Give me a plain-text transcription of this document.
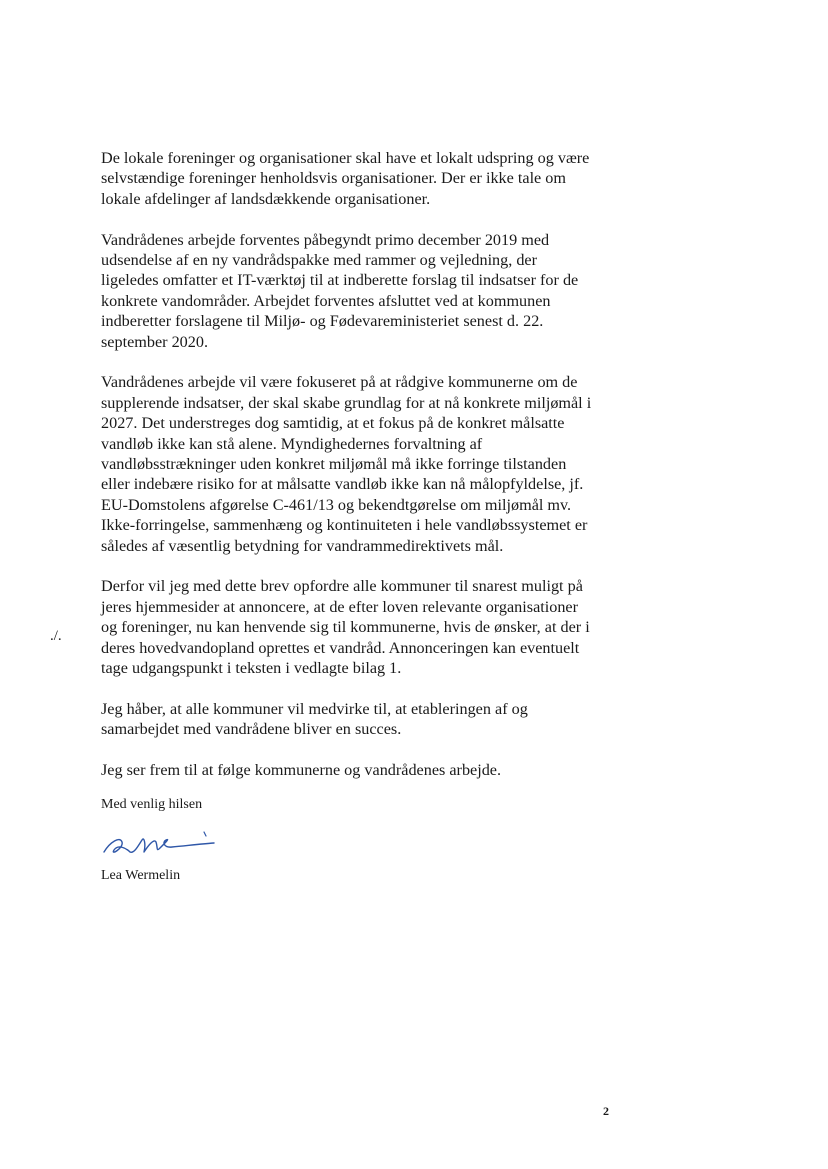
De lokale foreninger og organisationer skal have et lokalt udspring og være
selvstændige foreninger henholdsvis organisationer. Der er ikke tale om
lokale afdelinger af landsdækkende organisationer.

Vandrådenes arbejde forventes påbegyndt primo december 2019 med
udsendelse af en ny vandrådspakke med rammer og vejledning, der
ligeledes omfatter et IT-værktøj til at indberette forslag til indsatser for de
konkrete vandområder. Arbejdet forventes afsluttet ved at kommunen
indberetter forslagene til Miljø- og Fødevareministeriet senest d. 22.
september 2020.

Vandrådenes arbejde vil være fokuseret på at rådgive kommunerne om de
supplerende indsatser, der skal skabe grundlag for at nå konkrete miljømål i
2027. Det understreges dog samtidig, at et fokus på de konkret målsatte
vandløb ikke kan stå alene. Myndighedernes forvaltning af
vandløbsstrækninger uden konkret miljømål må ikke forringe tilstanden
eller indebære risiko for at målsatte vandløb ikke kan nå målopfyldelse, jf.
EU-Domstolens afgørelse C-461/13 og bekendtgørelse om miljømål mv.
Ikke-forringelse, sammenhæng og kontinuiteten i hele vandløbssystemet er
således af væsentlig betydning for vandrammedirektivets mål.

Derfor vil jeg med dette brev opfordre alle kommuner til snarest muligt på
jeres hjemmesider at annoncere, at de efter loven relevante organisationer
og foreninger, nu kan henvende sig til kommunerne, hvis de ønsker, at der i
deres hovedvandopland oprettes et vandråd. Annonceringen kan eventuelt
tage udgangspunkt i teksten i vedlagte bilag 1.

Jeg håber, at alle kommuner vil medvirke til, at etableringen af og
samarbejdet med vandrådene bliver en succes.

Jeg ser frem til at følge kommunerne og vandrådenes arbejde.

./.
Med venlig hilsen
Lea Wermelin
2
